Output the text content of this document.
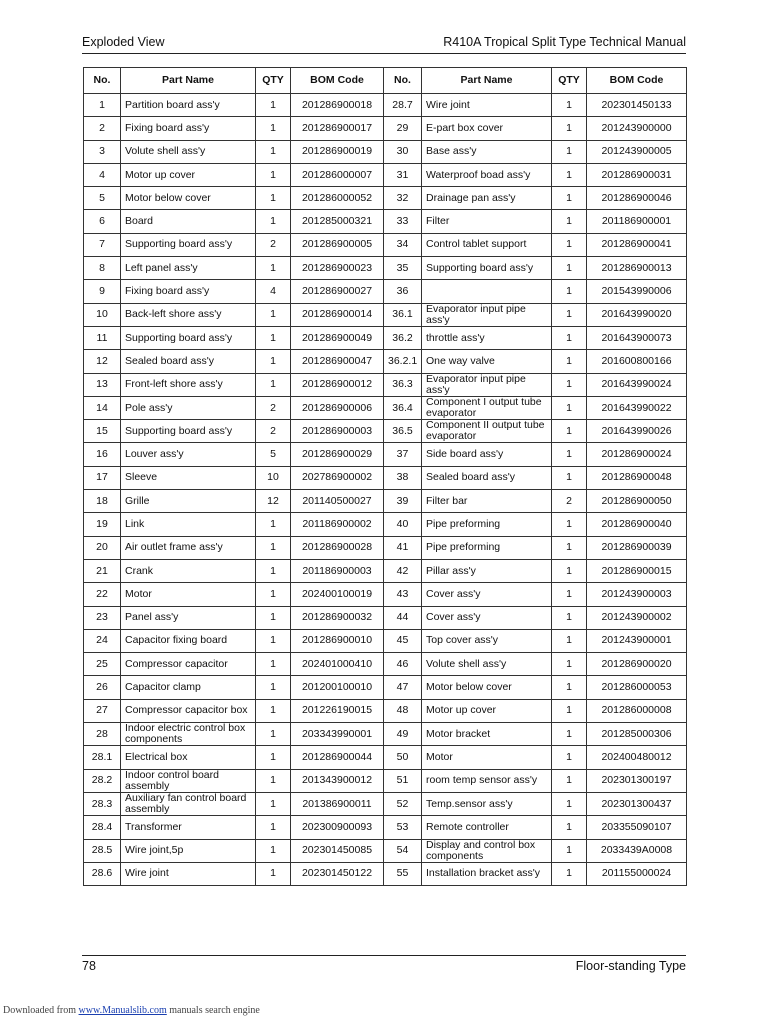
Exploded View	R410A Tropical Split Type Technical Manual
No.	Part Name	QTY	BOM Code	No.	Part Name	QTY	BOM Code
1	Partition board ass'y	1	201286900018	28.7	Wire joint	1	202301450133
2	Fixing board ass'y	1	201286900017	29	E-part box cover	1	201243900000
3	Volute shell ass'y	1	201286900019	30	Base ass'y	1	201243900005
4	Motor up cover	1	201286000007	31	Waterproof boad ass'y	1	201286900031
5	Motor below cover	1	201286000052	32	Drainage pan ass'y	1	201286900046
6	Board	1	201285000321	33	Filter	1	201186900001
7	Supporting board ass'y	2	201286900005	34	Control tablet support	1	201286900041
8	Left panel ass'y	1	201286900023	35	Supporting board ass'y	1	201286900013
9	Fixing board ass'y	4	201286900027	36		1	201543990006
10	Back-left shore ass'y	1	201286900014	36.1	Evaporator input pipe ass'y	1	201643990020
11	Supporting board ass'y	1	201286900049	36.2	throttle ass'y	1	201643900073
12	Sealed board ass'y	1	201286900047	36.2.1	One way valve	1	201600800166
13	Front-left shore ass'y	1	201286900012	36.3	Evaporator input pipe ass'y	1	201643990024
14	Pole ass'y	2	201286900006	36.4	Component I output tube evaporator	1	201643990022
15	Supporting board ass'y	2	201286900003	36.5	Component II output tube evaporator	1	201643990026
16	Louver ass'y	5	201286900029	37	Side board ass'y	1	201286900024
17	Sleeve	10	202786900002	38	Sealed board ass'y	1	201286900048
18	Grille	12	201140500027	39	Filter bar	2	201286900050
19	Link	1	201186900002	40	Pipe preforming	1	201286900040
20	Air outlet frame ass'y	1	201286900028	41	Pipe preforming	1	201286900039
21	Crank	1	201186900003	42	Pillar ass'y	1	201286900015
22	Motor	1	202400100019	43	Cover ass'y	1	201243900003
23	Panel ass'y	1	201286900032	44	Cover ass'y	1	201243900002
24	Capacitor fixing board	1	201286900010	45	Top cover ass'y	1	201243900001
25	Compressor capacitor	1	202401000410	46	Volute shell ass'y	1	201286900020
26	Capacitor clamp	1	201200100010	47	Motor below cover	1	201286000053
27	Compressor capacitor box	1	201226190015	48	Motor up cover	1	201286000008
28	Indoor electric control box components	1	203343990001	49	Motor bracket	1	201285000306
28.1	Electrical box	1	201286900044	50	Motor	1	202400480012
28.2	Indoor control board assembly	1	201343900012	51	room temp sensor ass'y	1	202301300197
28.3	Auxiliary fan control board assembly	1	201386900011	52	Temp.sensor ass'y	1	202301300437
28.4	Transformer	1	202300900093	53	Remote controller	1	203355090107
28.5	Wire joint,5p	1	202301450085	54	Display and control box components	1	2033439A0008
28.6	Wire joint	1	202301450122	55	Installation bracket ass'y	1	201155000024
78	Floor-standing Type
Downloaded from www.Manualslib.com manuals search engine
